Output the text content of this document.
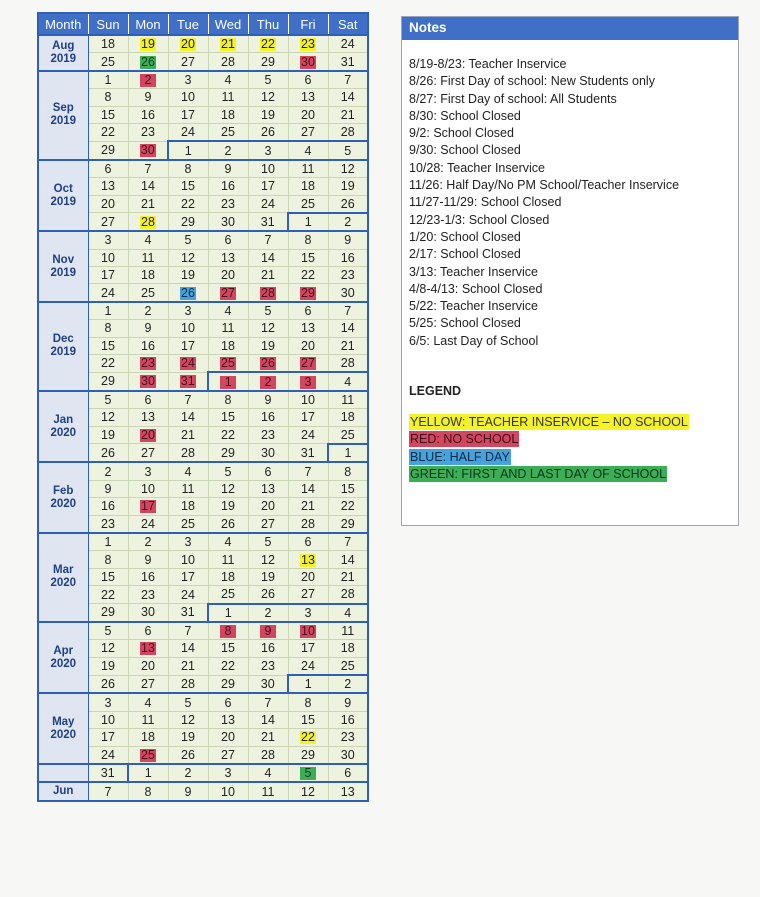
Month	Sun	Mon	Tue	Wed	Thu	Fri	Sat
Aug
2019	18	19	20	21	22	23	24
	25	26	27	28	29	30	31
Sep
2019	1	2	3	4	5	6	7
	8	9	10	11	12	13	14
	15	16	17	18	19	20	21
	22	23	24	25	26	27	28
	29	30	1	2	3	4	5
Oct
2019	6	7	8	9	10	11	12
	13	14	15	16	17	18	19
	20	21	22	23	24	25	26
	27	28	29	30	31	1	2
Nov
2019	3	4	5	6	7	8	9
	10	11	12	13	14	15	16
	17	18	19	20	21	22	23
	24	25	26	27	28	29	30
Dec
2019	1	2	3	4	5	6	7
	8	9	10	11	12	13	14
	15	16	17	18	19	20	21
	22	23	24	25	26	27	28
	29	30	31	1	2	3	4
Jan
2020	5	6	7	8	9	10	11
	12	13	14	15	16	17	18
	19	20	21	22	23	24	25
	26	27	28	29	30	31	1
Feb
2020	2	3	4	5	6	7	8
	9	10	11	12	13	14	15
	16	17	18	19	20	21	22
	23	24	25	26	27	28	29
Mar
2020	1	2	3	4	5	6	7
	8	9	10	11	12	13	14
	15	16	17	18	19	20	21
	22	23	24	25	26	27	28
	29	30	31	1	2	3	4
Apr
2020	5	6	7	8	9	10	11
	12	13	14	15	16	17	18
	19	20	21	22	23	24	25
	26	27	28	29	30	1	2
May
2020	3	4	5	6	7	8	9
	10	11	12	13	14	15	16
	17	18	19	20	21	22	23
	24	25	26	27	28	29	30
	31	1	2	3	4	5	6
Jun	7	8	9	10	11	12	13
Notes
8/19-8/23: Teacher Inservice
8/26: First Day of school: New Students only
8/27: First Day of school: All Students
8/30: School Closed
9/2: School Closed
9/30: School Closed
10/28: Teacher Inservice
11/26: Half Day/No PM School/Teacher Inservice
11/27-11/29: School Closed
12/23-1/3: School Closed
1/20: School Closed
2/17: School Closed
3/13: Teacher Inservice
4/8-4/13: School Closed
5/22: Teacher Inservice
5/25: School Closed
6/5: Last Day of School
LEGEND
YELLOW: TEACHER INSERVICE – NO SCHOOL
RED: NO SCHOOL
BLUE: HALF DAY
GREEN: FIRST AND LAST DAY OF SCHOOL
